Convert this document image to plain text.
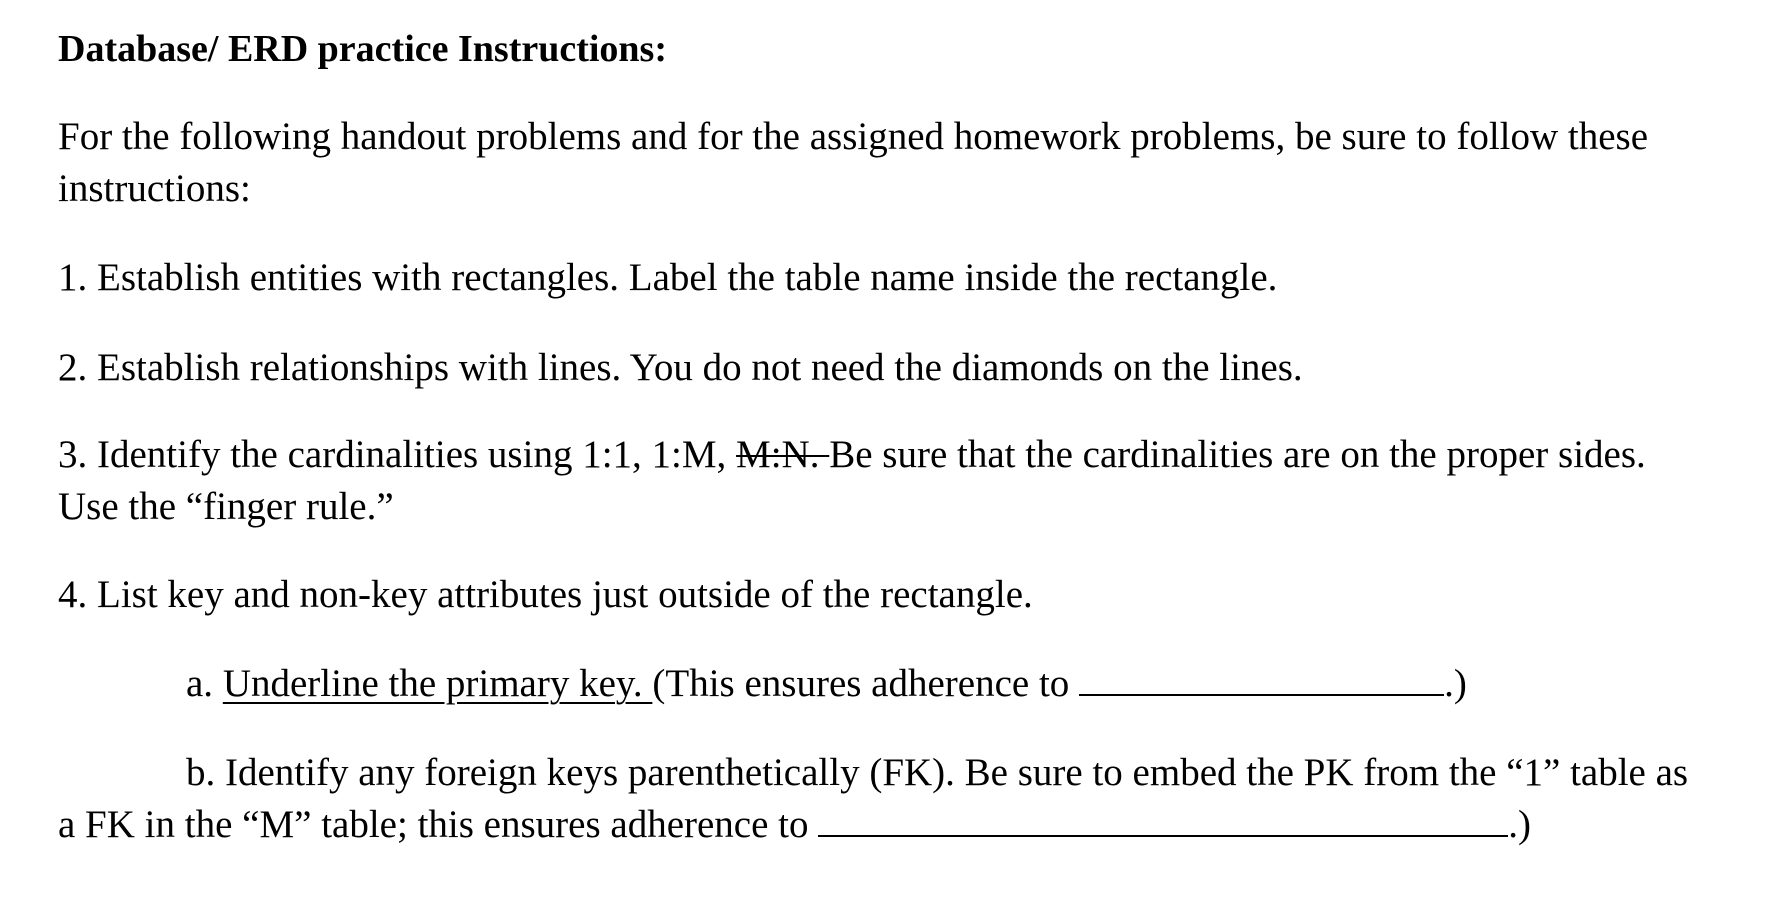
Database/ ERD practice Instructions:
For the following handout problems and for the assigned homework problems, be sure to follow these
instructions:
1. Establish entities with rectangles. Label the table name inside the rectangle.
2. Establish relationships with lines. You do not need the diamonds on the lines.
3. Identify the cardinalities using 1:1, 1:M, M:N. Be sure that the cardinalities are on the proper sides.
Use the “finger rule.”
4. List key and non-key attributes just outside of the rectangle.
a. Underline the primary key. (This ensures adherence to	.)
b. Identify any foreign keys parenthetically (FK). Be sure to embed the PK from the “1” table as
a FK in the “M” table; this ensures adherence to	.)
